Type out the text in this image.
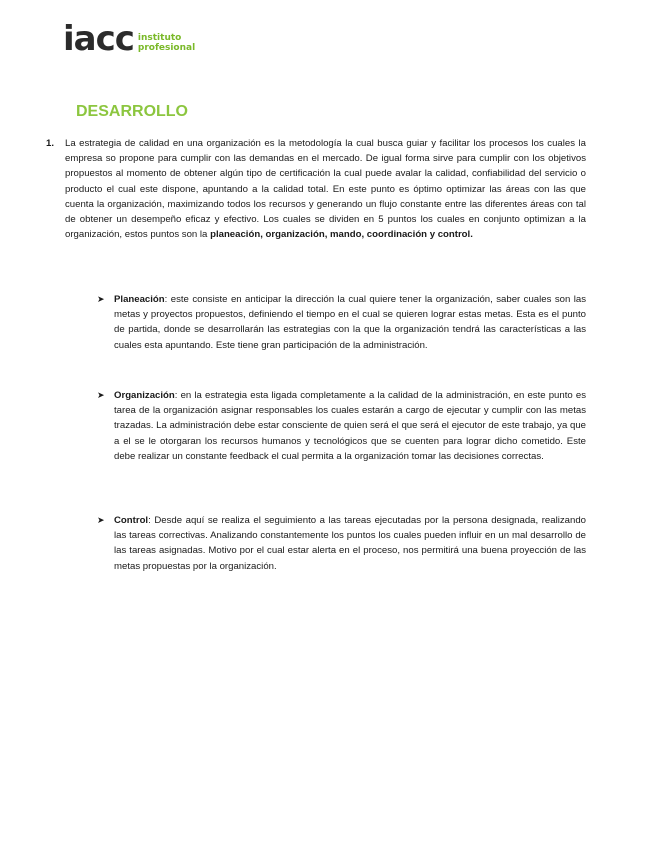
iacc instituto
profesional
DESARROLLO
1. La estrategia de calidad en una organización es la metodología la cual busca guiar y facilitar los procesos los cuales la empresa so propone para cumplir con las demandas en el mercado. De igual forma sirve para cumplir con los objetivos propuestos al momento de obtener algún tipo de certificación la cual puede avalar la calidad, confiabilidad del servicio o producto el cual este dispone, apuntando a la calidad total. En este punto es óptimo optimizar las áreas con las que cuenta la organización, maximizando todos los recursos y generando un flujo constante entre las diferentes áreas con tal de obtener un desempeño eficaz y efectivo. Los cuales se dividen en 5 puntos los cuales en conjunto optimizan a la organización, estos puntos son la planeación, organización, mando, coordinación y control.
➤ Planeación: este consiste en anticipar la dirección la cual quiere tener la organización, saber cuales son las metas y proyectos propuestos, definiendo el tiempo en el cual se quieren lograr estas metas. Esta es el punto de partida, donde se desarrollarán las estrategias con la que la organización tendrá las características a las cuales esta apuntando. Este tiene gran participación de la administración.
➤ Organización: en la estrategia esta ligada completamente a la calidad de la administración, en este punto es tarea de la organización asignar responsables los cuales estarán a cargo de ejecutar y cumplir con las metas trazadas. La administración debe estar consciente de quien será el que será el ejecutor de este trabajo, ya que a el se le otorgaran los recursos humanos y tecnológicos que se cuenten para lograr dicho cometido. Este debe realizar un constante feedback el cual permita a la organización tomar las decisiones correctas.
➤ Control: Desde aquí se realiza el seguimiento a las tareas ejecutadas por la persona designada, realizando las tareas correctivas. Analizando constantemente los puntos los cuales pueden influir en un mal desarrollo de las tareas asignadas. Motivo por el cual estar alerta en el proceso, nos permitirá una buena proyección de las metas propuestas por la organización.
